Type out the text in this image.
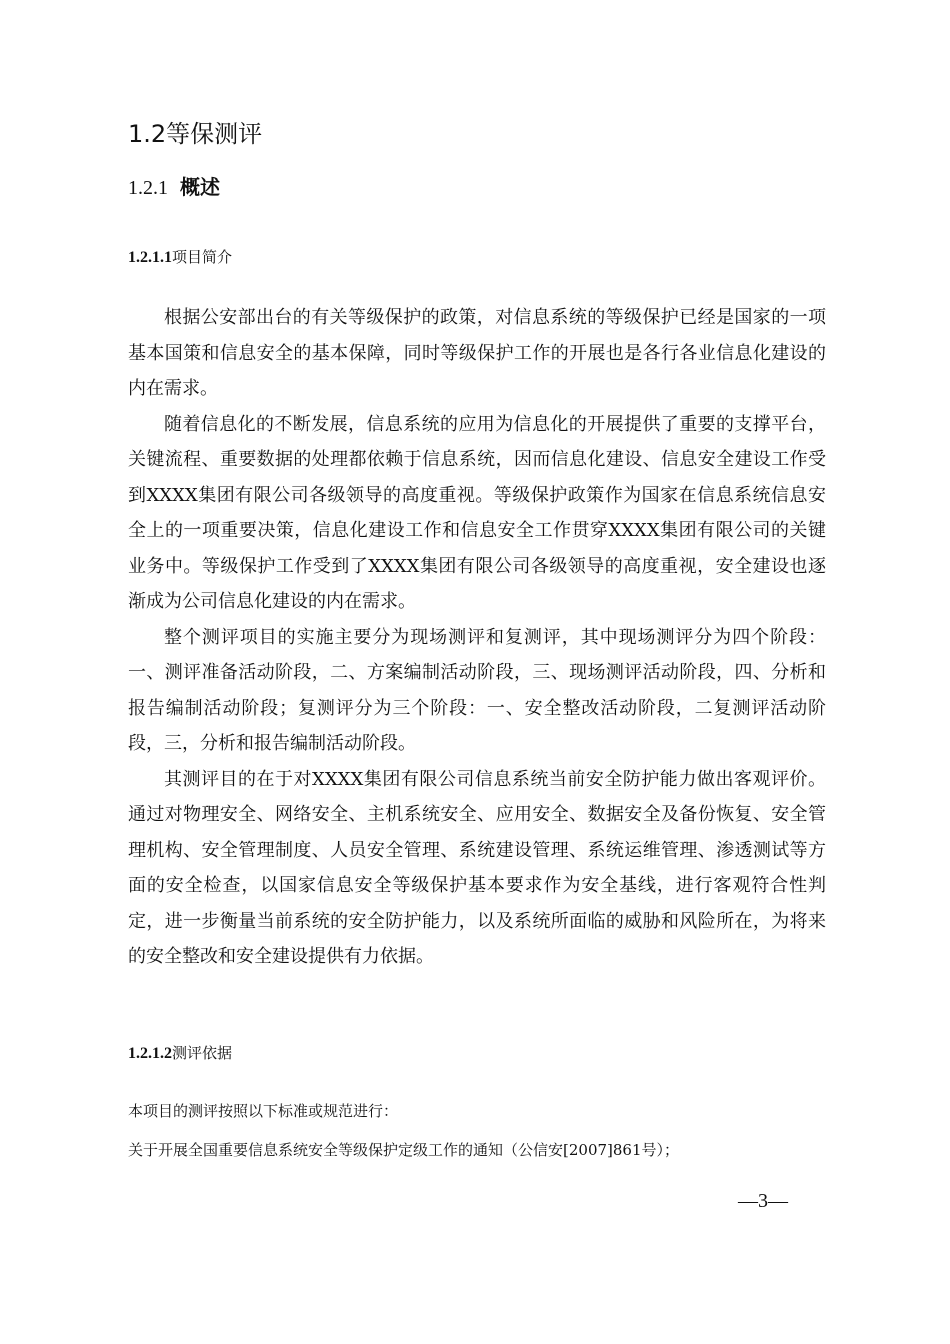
1.2等保测评
1.2.1 概述
1.2.1.1项目简介

根据公安部出台的有关等级保护的政策，对信息系统的等级保护已经是国家的一项基本国策和信息安全的基本保障，同时等级保护工作的开展也是各行各业信息化建设的内在需求。

随着信息化的不断发展，信息系统的应用为信息化的开展提供了重要的支撑平台，关键流程、重要数据的处理都依赖于信息系统，因而信息化建设、信息安全建设工作受到XXXX集团有限公司各级领导的高度重视。等级保护政策作为国家在信息系统信息安全上的一项重要决策，信息化建设工作和信息安全工作贯穿XXXX集团有限公司的关键业务中。等级保护工作受到了XXXX集团有限公司各级领导的高度重视，安全建设也逐渐成为公司信息化建设的内在需求。

整个测评项目的实施主要分为现场测评和复测评，其中现场测评分为四个阶段：一、测评准备活动阶段，二、方案编制活动阶段，三、现场测评活动阶段，四、分析和报告编制活动阶段；复测评分为三个阶段：一、安全整改活动阶段，二复测评活动阶段，三，分析和报告编制活动阶段。

其测评目的在于对XXXX集团有限公司信息系统当前安全防护能力做出客观评价。通过对物理安全、网络安全、主机系统安全、应用安全、数据安全及备份恢复、安全管理机构、安全管理制度、人员安全管理、系统建设管理、系统运维管理、渗透测试等方面的安全检查，以国家信息安全等级保护基本要求作为安全基线，进行客观符合性判定，进一步衡量当前系统的安全防护能力，以及系统所面临的威胁和风险所在，为将来的安全整改和安全建设提供有力依据。

1.2.1.2测评依据
本项目的测评按照以下标准或规范进行：
关于开展全国重要信息系统安全等级保护定级工作的通知（公信安[2007]861号）；
—3—
